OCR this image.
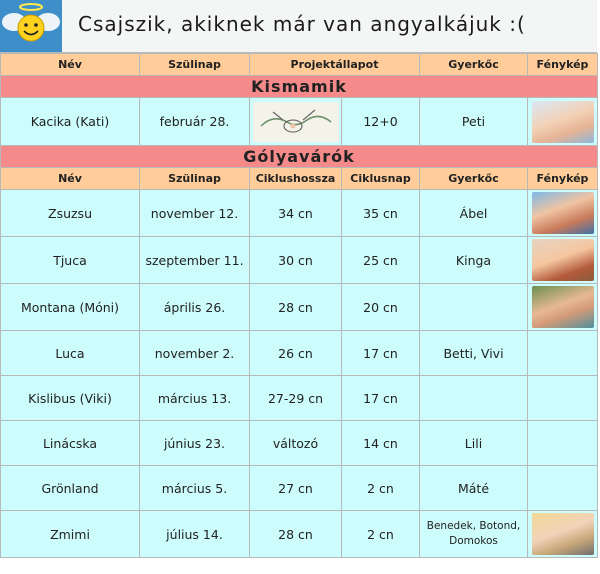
Csajszik, akiknek már van angyalkájuk :(
Név	Szülinap	Projektállapot		Gyerkőc	Fénykép
Kismamik					
Kacika (Kati)	február 28.		12+0	Peti	

Gólyavárók					
Név	Szülinap	Ciklushossza	Ciklusnap	Gyerkőc	Fénykép
Zsuzsu	november 12.	34 cn	35 cn	Ábel	

Tjuca	szeptember 11.	30 cn	25 cn	Kinga	

Montana (Móni)	április 26.	28 cn	20 cn		

Luca	november 2.	26 cn	17 cn	Betti, Vivi	
Kislibus (Viki)	március 13.	27-29 cn	17 cn		
Linácska	június 23.	változó	14 cn	Lili	
Grönland	március 5.	27 cn	2 cn	Máté	
Zmimi	július 14.	28 cn	2 cn	Benedek, Botond, Domokos	
